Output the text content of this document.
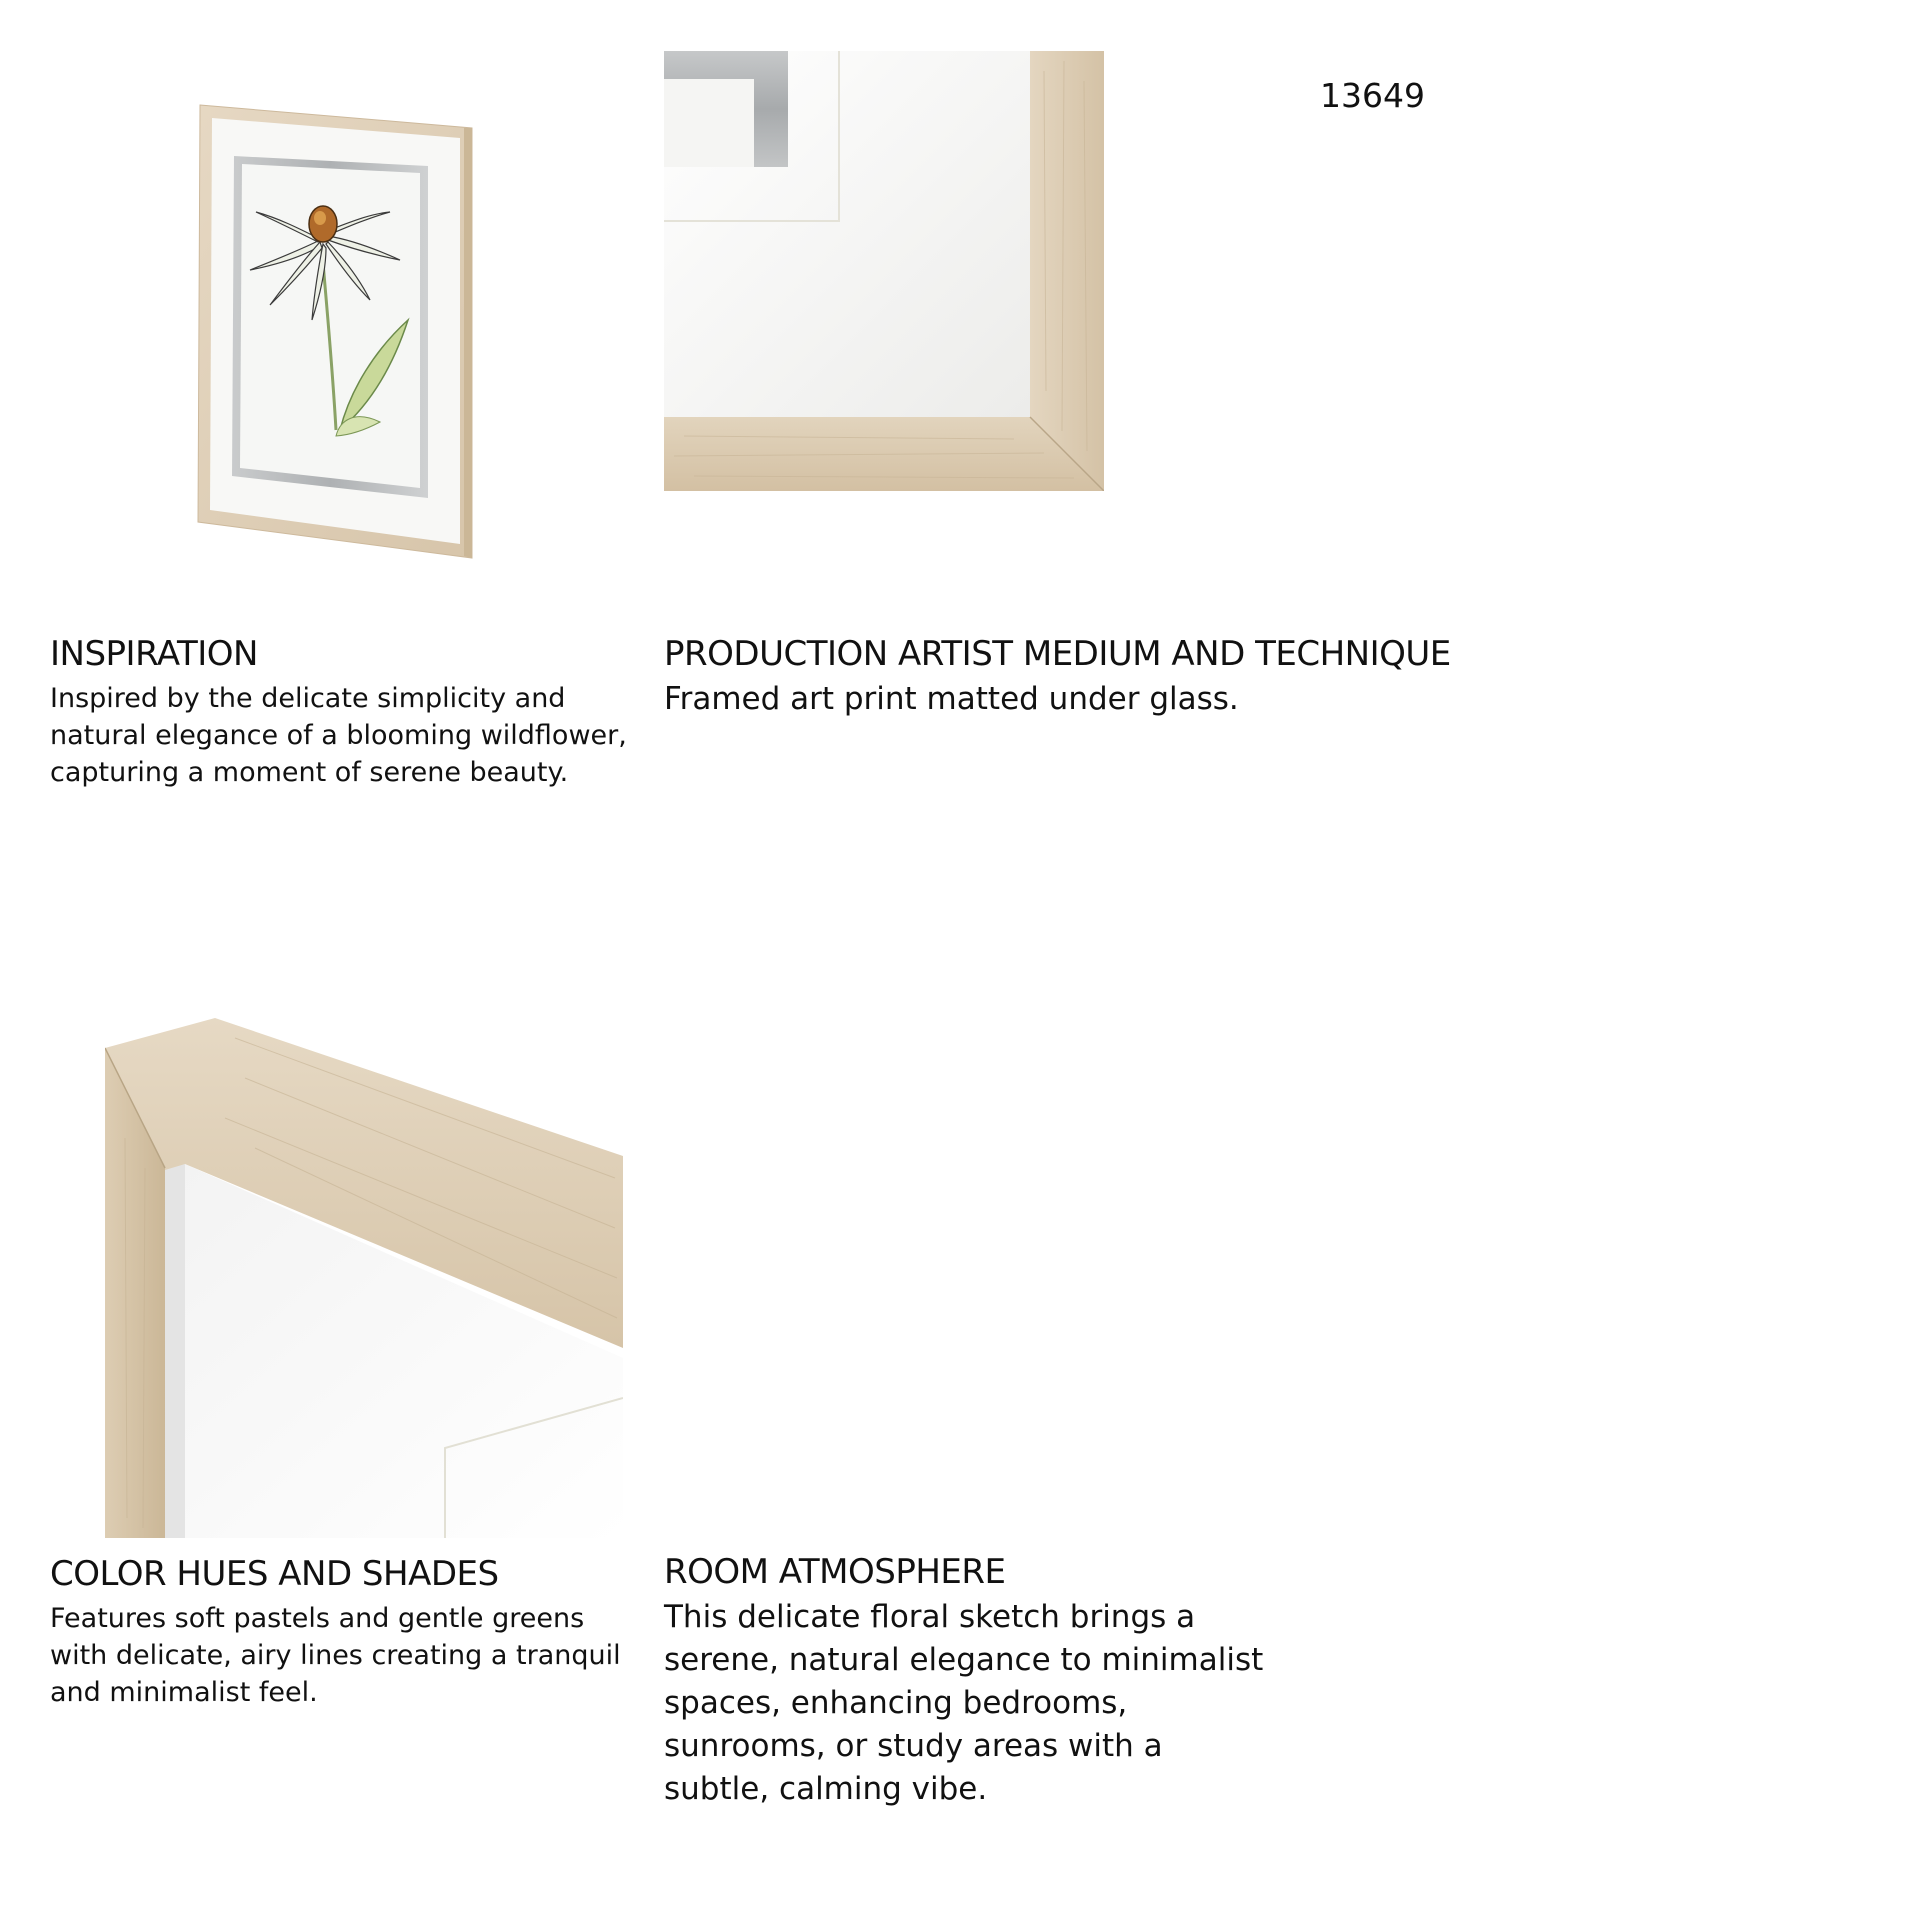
13649
INSPIRATION
Inspired by the delicate simplicity and natural elegance of a blooming wildflower, capturing a moment of serene beauty.
PRODUCTION ARTIST MEDIUM AND TECHNIQUE
Framed art print matted under glass.
COLOR HUES AND SHADES
Features soft pastels and gentle greens with delicate, airy lines creating a tranquil and minimalist feel.
ROOM ATMOSPHERE
This delicate floral sketch brings a serene, natural elegance to minimalist spaces, enhancing bedrooms, sunrooms, or study areas with a subtle, calming vibe.
